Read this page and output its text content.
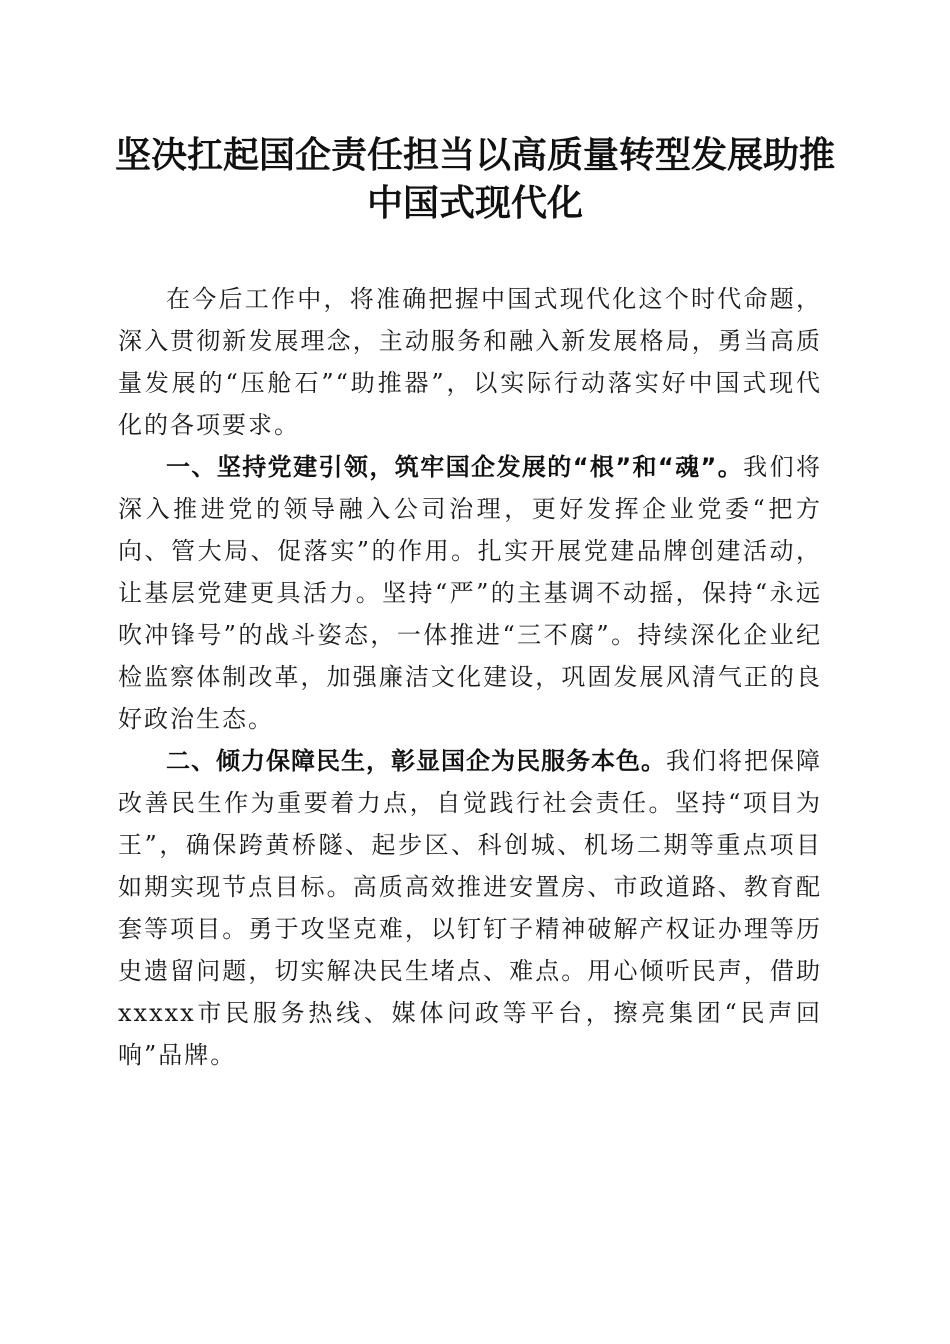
坚决扛起国企责任担当以高质量转型发展助推
中国式现代化

在今后工作中，将准确把握中国式现代化这个时代命题，深入贯彻新发展理念，主动服务和融入新发展格局，勇当高质量发展的“压舱石”“助推器”，以实际行动落实好中国式现代化的各项要求。

一、坚持党建引领，筑牢国企发展的“根”和“魂”。我们将深入推进党的领导融入公司治理，更好发挥企业党委“把方向、管大局、促落实”的作用。扎实开展党建品牌创建活动，让基层党建更具活力。坚持“严”的主基调不动摇，保持“永远吹冲锋号”的战斗姿态，一体推进“三不腐”。持续深化企业纪检监察体制改革，加强廉洁文化建设，巩固发展风清气正的良好政治生态。

二、倾力保障民生，彰显国企为民服务本色。我们将把保障改善民生作为重要着力点，自觉践行社会责任。坚持“项目为王”，确保跨黄桥隧、起步区、科创城、机场二期等重点项目如期实现节点目标。高质高效推进安置房、市政道路、教育配套等项目。勇于攻坚克难，以钉钉子精神破解产权证办理等历史遗留问题，切实解决民生堵点、难点。用心倾听民声，借助xxxxx市民服务热线、媒体问政等平台，擦亮集团“民声回响”品牌。
